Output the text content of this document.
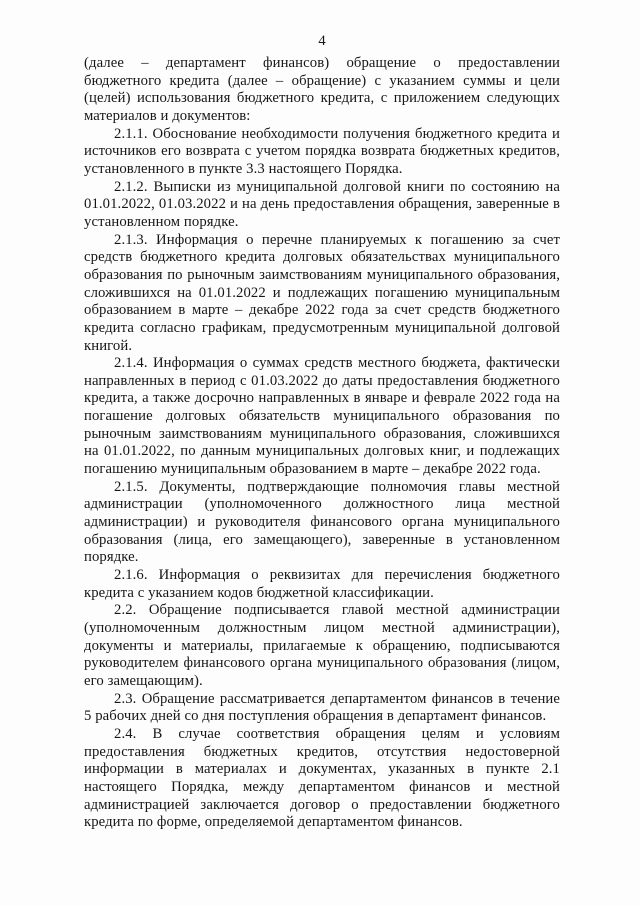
4

(далее – департамент финансов) обращение о предоставлении бюджетного кредита (далее – обращение) с указанием суммы и цели (целей) использования бюджетного кредита, с приложением следующих материалов и документов:

2.1.1. Обоснование необходимости получения бюджетного кредита и источников его возврата с учетом порядка возврата бюджетных кредитов, установленного в пункте 3.3 настоящего Порядка.

2.1.2. Выписки из муниципальной долговой книги по состоянию на 01.01.2022, 01.03.2022 и на день предоставления обращения, заверенные в установленном порядке.

2.1.3. Информация о перечне планируемых к погашению за счет средств бюджетного кредита долговых обязательствах муниципального образования по рыночным заимствованиям муниципального образования, сложившихся на 01.01.2022 и подлежащих погашению муниципальным образованием в марте – декабре 2022 года за счет средств бюджетного кредита согласно графикам, предусмотренным муниципальной долговой книгой.

2.1.4. Информация о суммах средств местного бюджета, фактически направленных в период с 01.03.2022 до даты предоставления бюджетного кредита, а также досрочно направленных в январе и феврале 2022 года на погашение долговых обязательств муниципального образования по рыночным заимствованиям муниципального образования, сложившихся на 01.01.2022, по данным муниципальных долговых книг, и подлежащих погашению муниципальным образованием в марте – декабре 2022 года.

2.1.5. Документы, подтверждающие полномочия главы местной администрации (уполномоченного должностного лица местной администрации) и руководителя финансового органа муниципального образования (лица, его замещающего), заверенные в установленном порядке.

2.1.6. Информация о реквизитах для перечисления бюджетного кредита с указанием кодов бюджетной классификации.

2.2. Обращение подписывается главой местной администрации (уполномоченным должностным лицом местной администрации), документы и материалы, прилагаемые к обращению, подписываются руководителем финансового органа муниципального образования (лицом, его замещающим).

2.3. Обращение рассматривается департаментом финансов в течение 5 рабочих дней со дня поступления обращения в департамент финансов.

2.4. В случае соответствия обращения целям и условиям предоставления бюджетных кредитов, отсутствия недостоверной информации в материалах и документах, указанных в пункте 2.1 настоящего Порядка, между департаментом финансов и местной администрацией заключается договор о предоставлении бюджетного кредита по форме, определяемой департаментом финансов.
